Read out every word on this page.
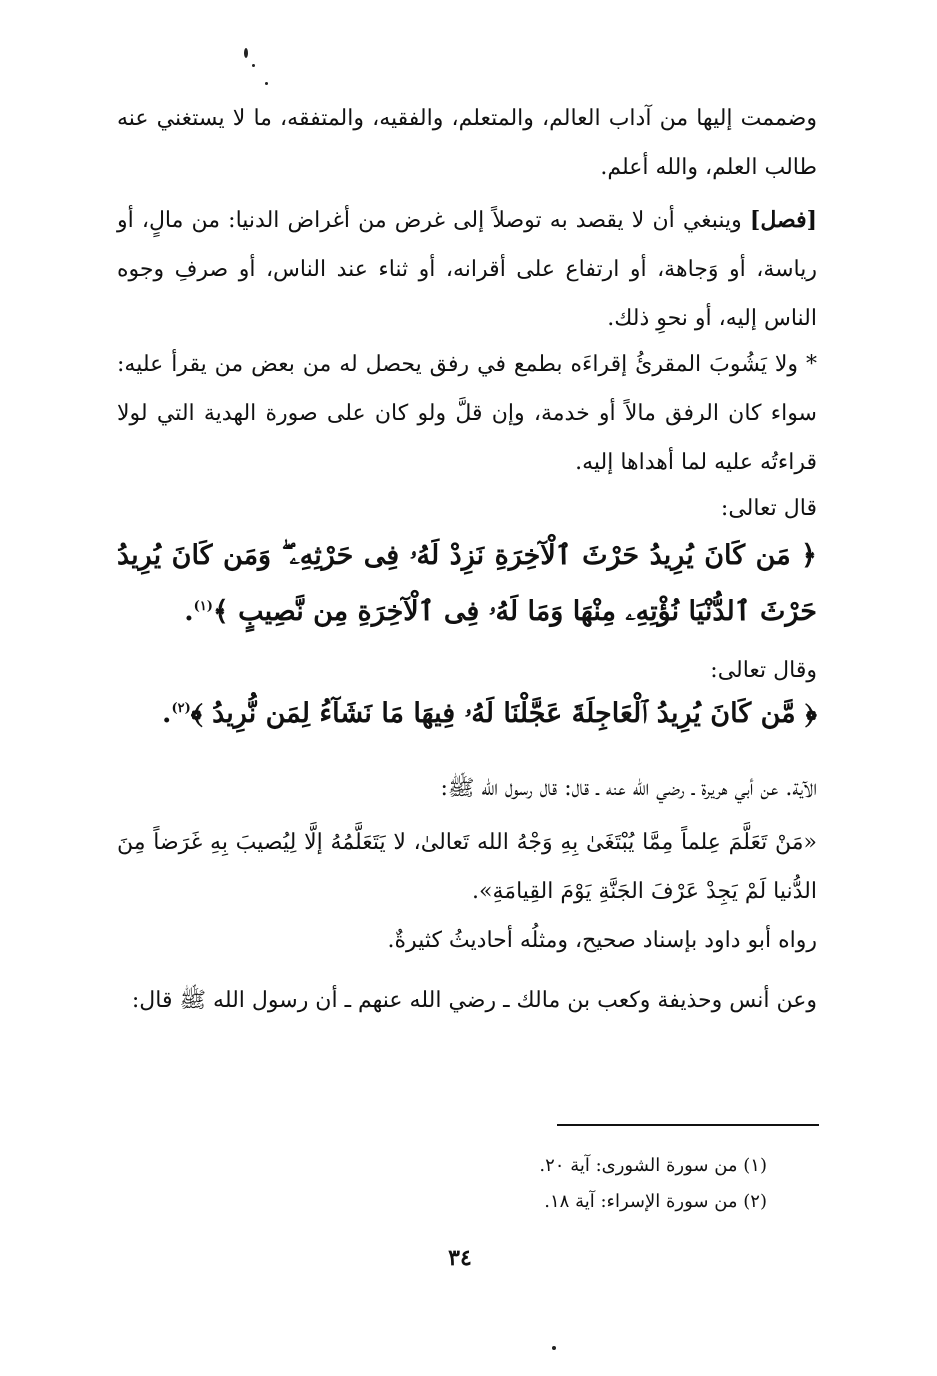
وضممت إليها من آداب العالم، والمتعلم، والفقيه، والمتفقه، ما لا يستغني عنه طالب العلم، والله أعلم.

[فصل] وينبغي أن لا يقصد به توصلاً إلى غرض من أغراض الدنيا: من مالٍ، أو رياسة، أو وَجاهة، أو ارتفاع على أقرانه، أو ثناء عند الناس، أو صرفِ وجوه الناس إليه، أو نحوِ ذلك.

* ولا يَشُوبَ المقرئُ إقراءَه بطمع في رفق يحصل له من بعض من يقرأ عليه: سواء كان الرفق مالاً أو خدمة، وإن قلَّ ولو كان على صورة الهدية التي لولا قراءتُه عليه لما أهداها إليه.

قال تعالى:

﴿ مَن كَانَ يُرِيدُ حَرْثَ ٱلْآخِرَةِ نَزِدْ لَهُۥ فِى حَرْثِهِۦ ۖ وَمَن كَانَ يُرِيدُ حَرْثَ ٱلدُّنْيَا نُؤْتِهِۦ مِنْهَا وَمَا لَهُۥ فِى ٱلْآخِرَةِ مِن نَّصِيبٍ ﴾$^{(١)}$.

وقال تعالى:

﴿ مَّن كَانَ يُرِيدُ ٱلْعَاجِلَةَ عَجَّلْنَا لَهُۥ فِيهَا مَا نَشَآءُ لِمَن نُّرِيدُ ﴾$^{(٢)}$.

الآية. عن أبي هريرة ـ رضي الله عنه ـ قال: قال رسول الله ﷺ:

«مَنْ تَعَلَّمَ عِلماً مِمَّا يُبْتَغَىٰ بِهِ وَجْهُ الله تَعالىٰ، لا يَتَعَلَّمُهُ إلَّا لِيُصيبَ بِهِ غَرَضاً مِنَ الدُّنيا لَمْ يَجِدْ عَرْفَ الجَنَّةِ يَوْمَ القِيامَةِ».

رواه أبو داود بإسناد صحيح، ومثلُه أحاديثُ كثيرةٌ.

وعن أنس وحذيفة وكعب بن مالك ـ رضي الله عنهم ـ أن رسول الله ﷺ قال:

(١) من سورة الشورى: آية ٢٠.

(٢) من سورة الإسراء: آية ١٨.

٣٤
